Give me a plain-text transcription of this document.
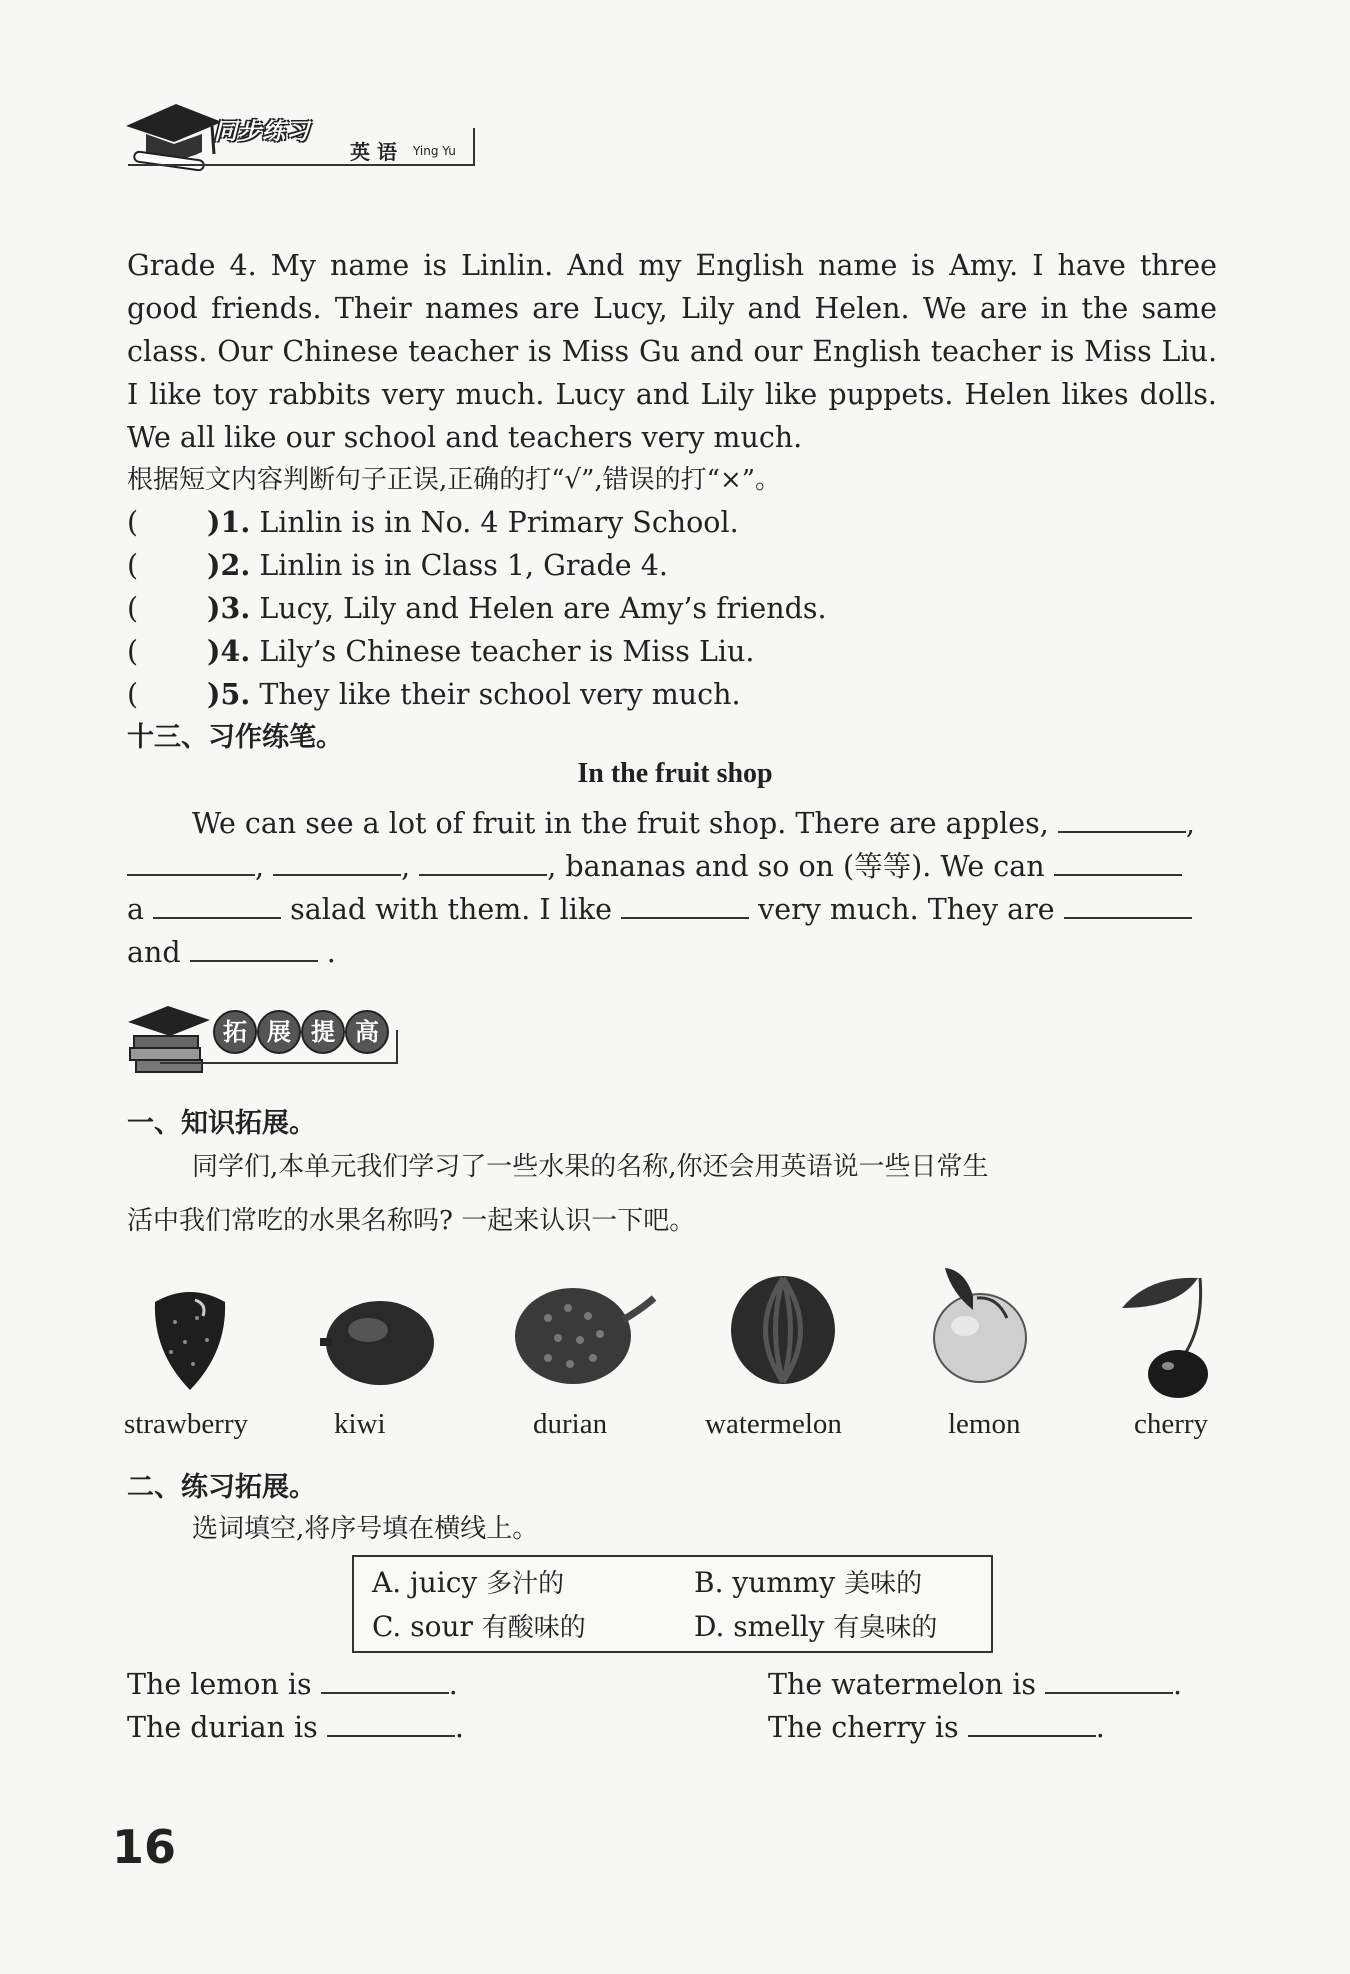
同步练习
英 语 Ying Yu
Grade 4. My name is Linlin. And my English name is Amy. I have three good friends. Their names are Lucy, Lily and Helen. We are in the same class. Our Chinese teacher is Miss Gu and our English teacher is Miss Liu. I like toy rabbits very much. Lucy and Lily like puppets. Helen likes dolls. We all like our school and teachers very much.
根据短文内容判断句子正误,正确的打“√”,错误的打“×”。
( )1. Linlin is in No. 4 Primary School.
( )2. Linlin is in Class 1, Grade 4.
( )3. Lucy, Lily and Helen are Amy’s friends.
( )4. Lily’s Chinese teacher is Miss Liu.
( )5. They like their school very much.
十三、习作练笔。
In the fruit shop
We can see a lot of fruit in the fruit shop. There are apples,	,
,	,	, bananas and so on (等等). We can
a	salad with them. I like	very much. They are
and	.
拓 展 提 高
一、知识拓展。
同学们,本单元我们学习了一些水果的名称,你还会用英语说一些日常生
活中我们常吃的水果名称吗? 一起来认识一下吧。
strawberry	kiwi	durian	watermelon	lemon	cherry
二、练习拓展。
选词填空,将序号填在横线上。
A. juicy 多汁的	B. yummy 美味的
C. sour 有酸味的	D. smelly 有臭味的
The lemon is	.	The watermelon is	.
The durian is	.	The cherry is	.
16
